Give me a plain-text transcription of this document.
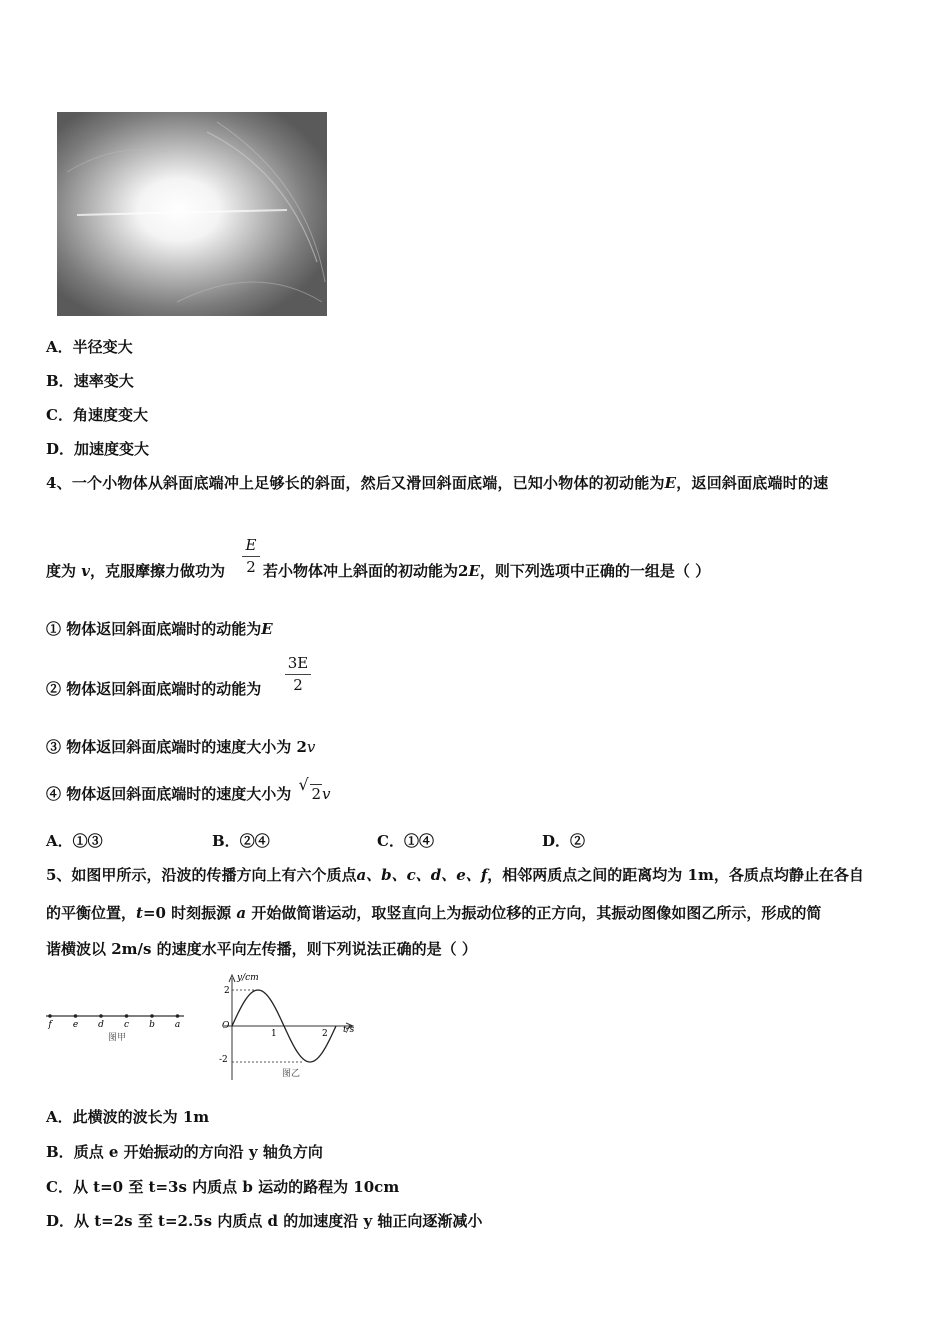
A．半径变大
B．速率变大
C．角速度变大
D．加速度变大
4、一个小物体从斜面底端冲上足够长的斜面，然后又滑回斜面底端，已知小物体的初动能为E，返回斜面底端时的速
度为 v，克服摩擦力做功为
E
2 若小物体冲上斜面的初动能为2E，则下列选项中正确的一组是（ ）
① 物体返回斜面底端时的动能为E
② 物体返回斜面底端时的动能为
3E
2
③ 物体返回斜面底端时的速度大小为 2v
④ 物体返回斜面底端时的速度大小为 √ 2v
A．①③	B．②④	C．①④	D．②
5、如图甲所示，沿波的传播方向上有六个质点a、b、c、d、e、f，相邻两质点之间的距离均为 1m，各质点均静止在各自
的平衡位置，t=0 时刻振源 a 开始做简谐运动，取竖直向上为振动位移的正方向，其振动图像如图乙所示，形成的简
谐横波以 2m/s 的速度水平向左传播，则下列说法正确的是（ ）
f e d c b a
图甲
y/cm
t/s
O
2
-2
1	2
图乙
A．此横波的波长为 1m
B．质点 e 开始振动的方向沿 y 轴负方向
C．从 t=0 至 t=3s 内质点 b 运动的路程为 10cm
D．从 t=2s 至 t=2.5s 内质点 d 的加速度沿 y 轴正向逐渐减小
